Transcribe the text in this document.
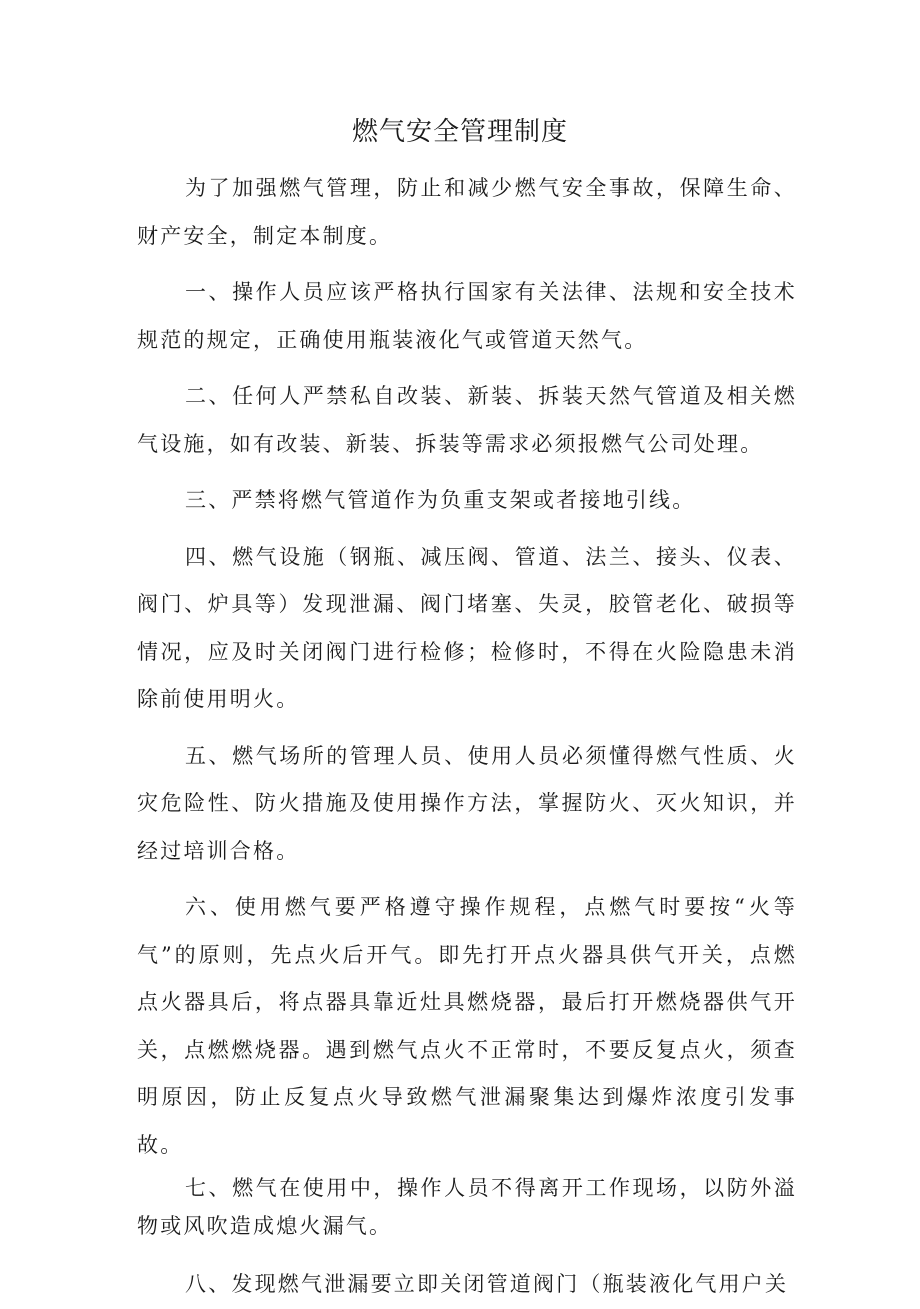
燃气安全管理制度

为了加强燃气管理，防止和减少燃气安全事故，保障生命、财产安全，制定本制度。

一、操作人员应该严格执行国家有关法律、法规和安全技术规范的规定，正确使用瓶装液化气或管道天然气。

二、任何人严禁私自改装、新装、拆装天然气管道及相关燃气设施，如有改装、新装、拆装等需求必须报燃气公司处理。

三、严禁将燃气管道作为负重支架或者接地引线。

四、燃气设施（钢瓶、减压阀、管道、法兰、接头、仪表、阀门、炉具等）发现泄漏、阀门堵塞、失灵，胶管老化、破损等情况，应及时关闭阀门进行检修；检修时，不得在火险隐患未消除前使用明火。

五、燃气场所的管理人员、使用人员必须懂得燃气性质、火灾危险性、防火措施及使用操作方法，掌握防火、灭火知识，并经过培训合格。

六、使用燃气要严格遵守操作规程，点燃气时要按“火等气”的原则，先点火后开气。即先打开点火器具供气开关，点燃点火器具后，将点器具靠近灶具燃烧器，最后打开燃烧器供气开关，点燃燃烧器。遇到燃气点火不正常时，不要反复点火，须查明原因，防止反复点火导致燃气泄漏聚集达到爆炸浓度引发事故。

七、燃气在使用中，操作人员不得离开工作现场，以防外溢物或风吹造成熄火漏气。

八、发现燃气泄漏要立即关闭管道阀门（瓶装液化气用户关
